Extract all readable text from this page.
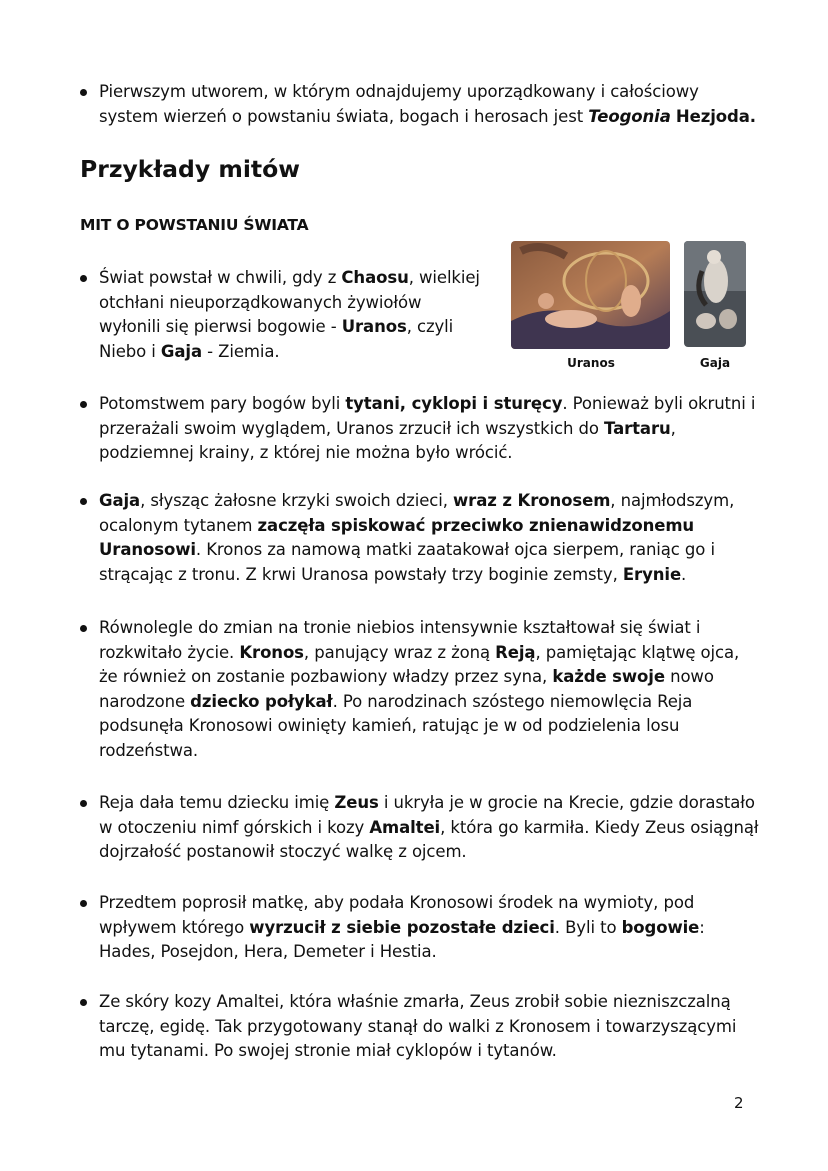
Pierwszym utworem, w którym odnajdujemy uporządkowany i całościowy system wierzeń o powstaniu świata, bogach i herosach jest Teogonia Hezjoda.
Przykłady mitów
MIT O POWSTANIU ŚWIATA
Uranos	Gaja
Świat powstał w chwili, gdy z Chaosu, wielkiej otchłani nieuporządkowanych żywiołów wyłonili się pierwsi bogowie - Uranos, czyli Niebo i Gaja - Ziemia.
Potomstwem pary bogów byli tytani, cyklopi i sturęcy. Ponieważ byli okrutni i przerażali swoim wyglądem, Uranos zrzucił ich wszystkich do Tartaru, podziemnej krainy, z której nie można było wrócić.
Gaja, słysząc żałosne krzyki swoich dzieci, wraz z Kronosem, najmłodszym, ocalonym tytanem zaczęła spiskować przeciwko znienawidzonemu Uranosowi. Kronos za namową matki zaatakował ojca sierpem, raniąc go i strącając z tronu. Z krwi Uranosa powstały trzy boginie zemsty, Erynie.
Równolegle do zmian na tronie niebios intensywnie kształtował się świat i rozkwitało życie. Kronos, panujący wraz z żoną Reją, pamiętając klątwę ojca, że również on zostanie pozbawiony władzy przez syna, każde swoje nowo narodzone dziecko połykał. Po narodzinach szóstego niemowlęcia Reja podsunęła Kronosowi owinięty kamień, ratując je w od podzielenia losu rodzeństwa.
Reja dała temu dziecku imię Zeus i ukryła je w grocie na Krecie, gdzie dorastało w otoczeniu nimf górskich i kozy Amaltei, która go karmiła. Kiedy Zeus osiągnął dojrzałość postanowił stoczyć walkę z ojcem.
Przedtem poprosił matkę, aby podała Kronosowi środek na wymioty, pod wpływem którego wyrzucił z siebie pozostałe dzieci. Byli to bogowie: Hades, Posejdon, Hera, Demeter i Hestia.
Ze skóry kozy Amaltei, która właśnie zmarła, Zeus zrobił sobie niezniszczalną tarczę, egidę. Tak przygotowany stanął do walki z Kronosem i towarzyszącymi mu tytanami. Po swojej stronie miał cyklopów i tytanów.
2
